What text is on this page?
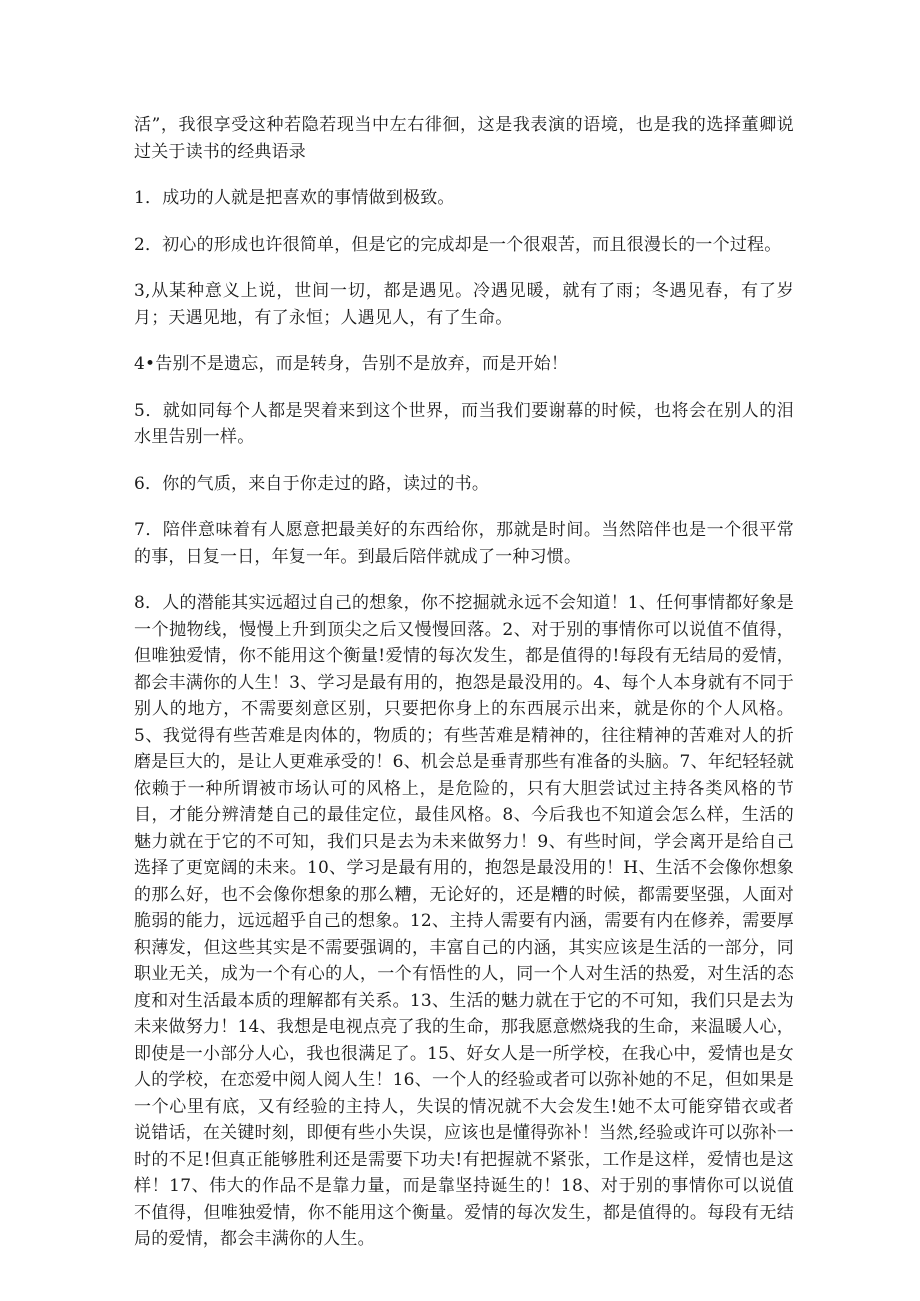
活”，我很享受这种若隐若现当中左右徘徊，这是我表演的语境，也是我的选择董卿说过关于读书的经典语录

1．成功的人就是把喜欢的事情做到极致。

2．初心的形成也许很简单，但是它的完成却是一个很艰苦，而且很漫长的一个过程。

3,从某种意义上说，世间一切，都是遇见。冷遇见暖，就有了雨；冬遇见春，有了岁月；天遇见地，有了永恒；人遇见人，有了生命。

4•告别不是遗忘，而是转身，告别不是放弃，而是开始！

5．就如同每个人都是哭着来到这个世界，而当我们要谢幕的时候，也将会在别人的泪水里告别一样。

6．你的气质，来自于你走过的路，读过的书。

7．陪伴意味着有人愿意把最美好的东西给你，那就是时间。当然陪伴也是一个很平常的事，日复一日，年复一年。到最后陪伴就成了一种习惯。

8．人的潜能其实远超过自己的想象，你不挖掘就永远不会知道！1、任何事情都好象是一个抛物线，慢慢上升到顶尖之后又慢慢回落。2、对于别的事情你可以说值不值得，但唯独爱情，你不能用这个衡量!爱情的每次发生，都是值得的!每段有无结局的爱情，都会丰满你的人生！3、学习是最有用的，抱怨是最没用的。4、每个人本身就有不同于别人的地方，不需要刻意区别，只要把你身上的东西展示出来，就是你的个人风格。5、我觉得有些苦难是肉体的，物质的；有些苦难是精神的，往往精神的苦难对人的折磨是巨大的，是让人更难承受的！6、机会总是垂青那些有准备的头脑。7、年纪轻轻就依赖于一种所谓被市场认可的风格上，是危险的，只有大胆尝试过主持各类风格的节目，才能分辨清楚自己的最佳定位，最佳风格。8、今后我也不知道会怎么样，生活的魅力就在于它的不可知，我们只是去为未来做努力！9、有些时间，学会离开是给自己选择了更宽阔的未来。10、学习是最有用的，抱怨是最没用的！H、生活不会像你想象的那么好，也不会像你想象的那么糟，无论好的，还是糟的时候，都需要坚强，人面对脆弱的能力，远远超乎自己的想象。12、主持人需要有内涵，需要有内在修养，需要厚积薄发，但这些其实是不需要强调的，丰富自己的内涵，其实应该是生活的一部分，同职业无关，成为一个有心的人，一个有悟性的人，同一个人对生活的热爱，对生活的态度和对生活最本质的理解都有关系。13、生活的魅力就在于它的不可知，我们只是去为未来做努力！14、我想是电视点亮了我的生命，那我愿意燃烧我的生命，来温暖人心，即使是一小部分人心，我也很满足了。15、好女人是一所学校，在我心中，爱情也是女人的学校，在恋爱中阅人阅人生！16、一个人的经验或者可以弥补她的不足，但如果是一个心里有底，又有经验的主持人，失误的情况就不大会发生!她不太可能穿错衣或者说错话，在关键时刻，即便有些小失误，应该也是懂得弥补！当然,经验或许可以弥补一时的不足!但真正能够胜利还是需要下功夫!有把握就不紧张，工作是这样，爱情也是这样！17、伟大的作品不是靠力量，而是靠坚持诞生的！18、对于别的事情你可以说值不值得，但唯独爱情，你不能用这个衡量。爱情的每次发生，都是值得的。每段有无结局的爱情，都会丰满你的人生。
